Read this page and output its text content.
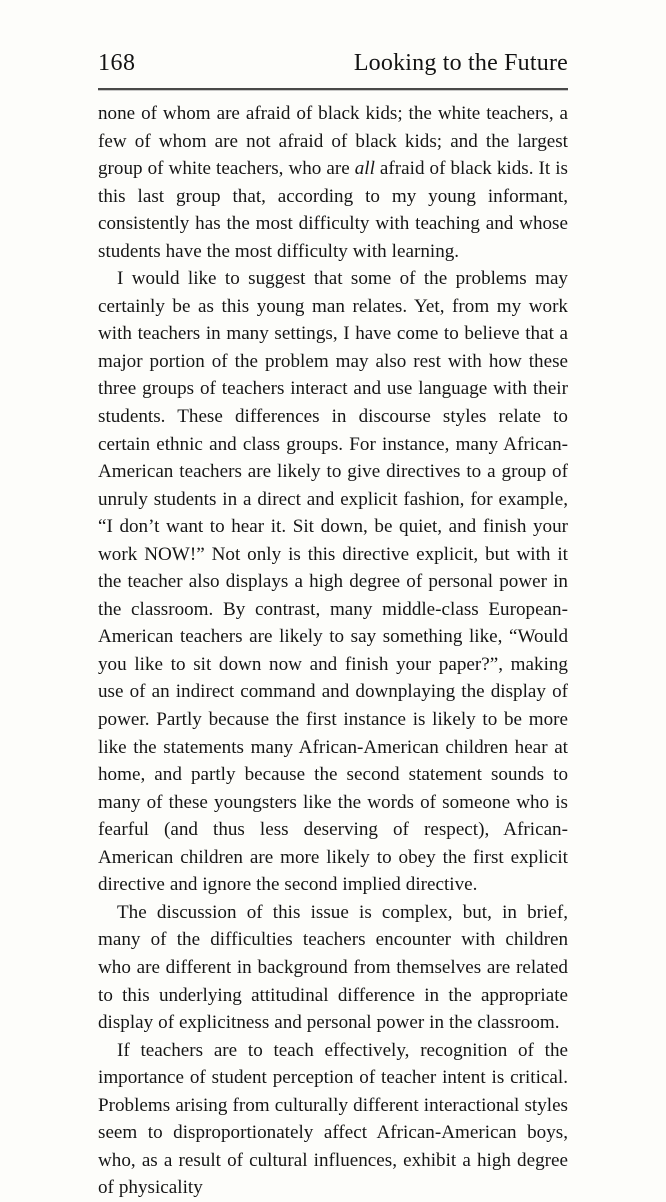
168	Looking to the Future

none of whom are afraid of black kids; the white teachers, a few of whom are not afraid of black kids; and the largest group of white teachers, who are all afraid of black kids. It is this last group that, according to my young informant, consistently has the most difficulty with teaching and whose students have the most difficulty with learning.

I would like to suggest that some of the problems may certainly be as this young man relates. Yet, from my work with teachers in many settings, I have come to believe that a major portion of the problem may also rest with how these three groups of teachers interact and use language with their students. These differences in discourse styles relate to certain ethnic and class groups. For instance, many African-American teachers are likely to give directives to a group of unruly students in a direct and explicit fashion, for example, “I don’t want to hear it. Sit down, be quiet, and finish your work NOW!” Not only is this directive explicit, but with it the teacher also displays a high degree of personal power in the classroom. By contrast, many middle-class European-American teachers are likely to say something like, “Would you like to sit down now and finish your paper?”, making use of an indirect command and downplaying the display of power. Partly because the first instance is likely to be more like the statements many African-American children hear at home, and partly because the second statement sounds to many of these youngsters like the words of someone who is fearful (and thus less deserving of respect), African-American children are more likely to obey the first explicit directive and ignore the second implied directive.

The discussion of this issue is complex, but, in brief, many of the difficulties teachers encounter with children who are different in background from themselves are related to this underlying attitudinal difference in the appropriate display of explicitness and personal power in the classroom.

If teachers are to teach effectively, recognition of the importance of student perception of teacher intent is critical. Problems arising from culturally different interactional styles seem to disproportionately affect African-American boys, who, as a result of cultural influences, exhibit a high degree of physicality
